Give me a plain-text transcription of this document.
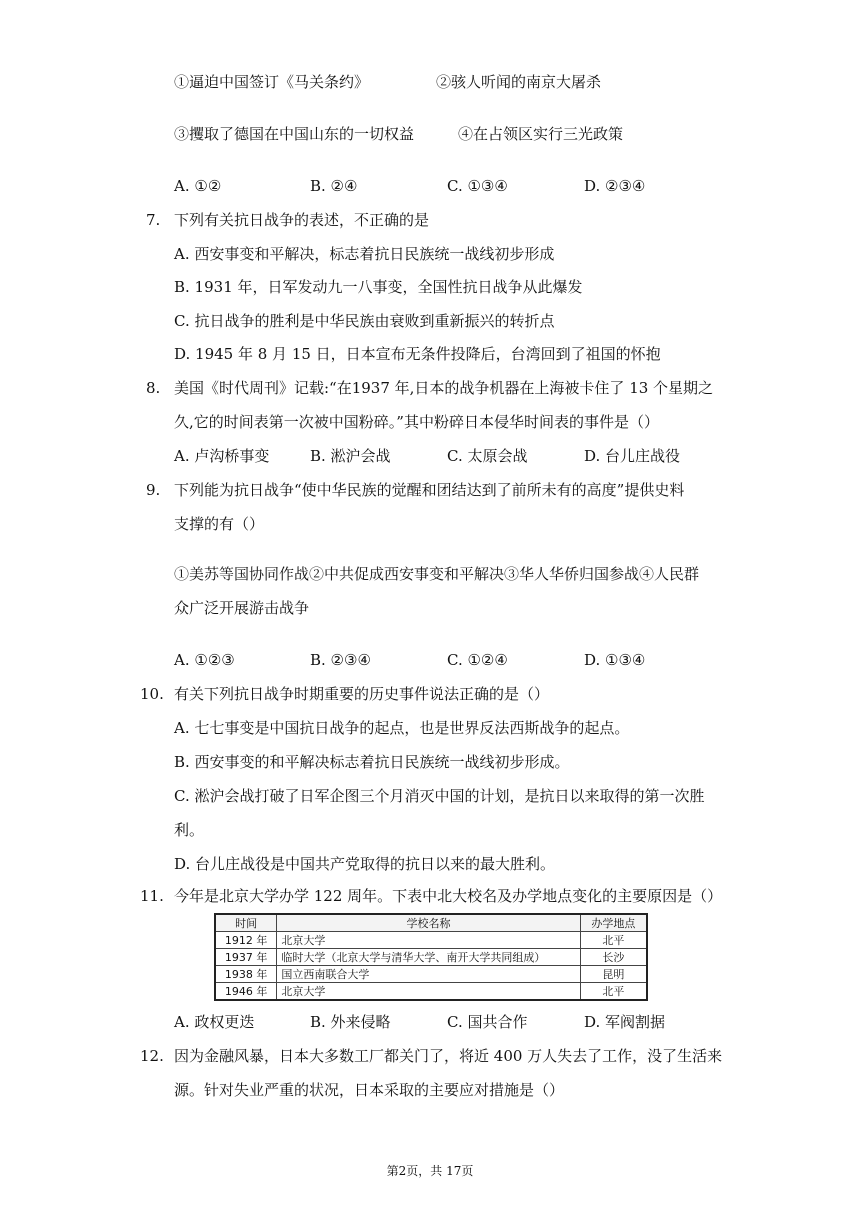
①逼迫中国签订《马关条约》	②骇人听闻的南京大屠杀
③攫取了德国在中国山东的一切权益	④在占领区实行三光政策
A. ①②	B. ②④	C. ①③④	D. ②③④
7. 下列有关抗日战争的表述，不正确的是
A. 西安事变和平解决，标志着抗日民族统一战线初步形成
B. 1931 年，日军发动九一八事变，全国性抗日战争从此爆发
C. 抗日战争的胜利是中华民族由衰败到重新振兴的转折点
D. 1945 年 8 月 15 日，日本宣布无条件投降后，台湾回到了祖国的怀抱
8. 美国《时代周刊》记载:“在1937 年,日本的战争机器在上海被卡住了 13 个星期之
久,它的时间表第一次被中国粉碎。”其中粉碎日本侵华时间表的事件是（）
A. 卢沟桥事变	B. 淞沪会战	C. 太原会战	D. 台儿庄战役
9. 下列能为抗日战争“使中华民族的觉醒和团结达到了前所未有的高度”提供史料
支撑的有（）
①美苏等国协同作战②中共促成西安事变和平解决③华人华侨归国参战④人民群
众广泛开展游击战争
A. ①②③	B. ②③④	C. ①②④	D. ①③④
10. 有关下列抗日战争时期重要的历史事件说法正确的是（）
A. 七七事变是中国抗日战争的起点，也是世界反法西斯战争的起点。
B. 西安事变的和平解决标志着抗日民族统一战线初步形成。
C. 淞沪会战打破了日军企图三个月消灭中国的计划，是抗日以来取得的第一次胜
利。
D. 台儿庄战役是中国共产党取得的抗日以来的最大胜利。
11. 今年是北京大学办学 122 周年。下表中北大校名及办学地点变化的主要原因是（）
时间	学校名称	办学地点
1912 年	北京大学	北平
1937 年	临时大学（北京大学与清华大学、南开大学共同组成）	长沙
1938 年	国立西南联合大学	昆明
1946 年	北京大学	北平
A. 政权更迭	B. 外来侵略	C. 国共合作	D. 军阀割据
12. 因为金融风暴，日本大多数工厂都关门了，将近 400 万人失去了工作，没了生活来
源。针对失业严重的状况，日本采取的主要应对措施是（）
第2页，共 17页
